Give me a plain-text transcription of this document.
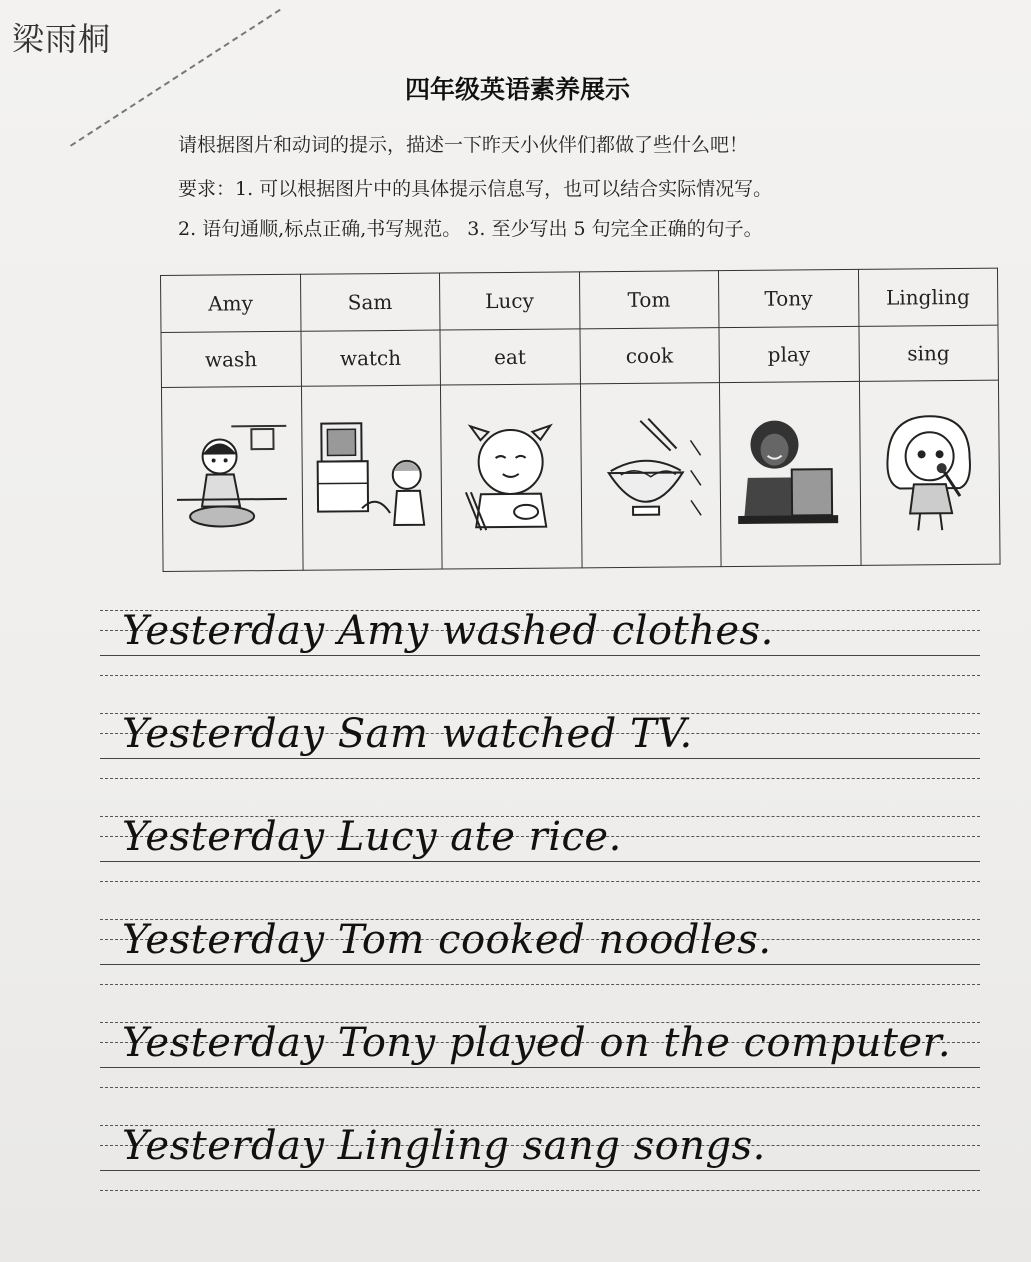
梁雨桐
四年级英语素养展示
请根据图片和动词的提示，描述一下昨天小伙伴们都做了些什么吧！
要求：1. 可以根据图片中的具体提示信息写，也可以结合实际情况写。
2. 语句通顺,标点正确,书写规范。 3. 至少写出 5 句完全正确的句子。
Amy	Sam	Lucy	Tom	Tony	Lingling
wash	watch	eat	cook	play	sing

Yesterday Amy washed clothes.
Yesterday Sam watched TV.
Yesterday Lucy ate rice.
Yesterday Tom cooked noodles.
Yesterday Tony played on the computer.
Yesterday Lingling sang songs.
